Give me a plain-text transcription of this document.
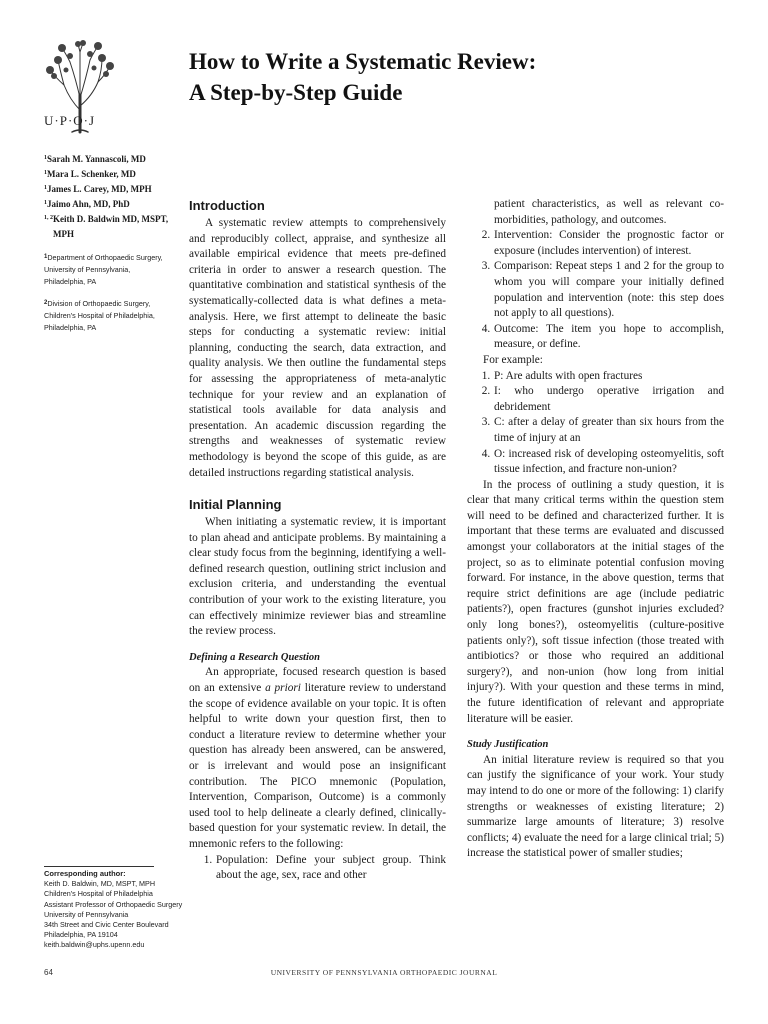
U·P·O·J
How to Write a Systematic Review:
A Step-by-Step Guide
$^1$Sarah M. Yannascoli, MD
$^1$Mara L. Schenker, MD
$^1$James L. Carey, MD, MPH
$^1$Jaimo Ahn, MD, PhD
$^{1, 2}$Keith D. Baldwin MD, MSPT,
MPH
$^1$Department of Orthopaedic Surgery,
University of Pennsylvania,
Philadelphia, PA
$^2$Division of Orthopaedic Surgery,
Children's Hospital of Philadelphia,
Philadelphia, PA
Corresponding author:
Keith D. Baldwin, MD, MSPT, MPH
Children's Hospital of Philadelphia
Assistant Professor of Orthopaedic Surgery
University of Pennsylvania
34th Street and Civic Center Boulevard
Philadelphia, PA 19104
keith.baldwin@uphs.upenn.edu
Introduction

A systematic review attempts to comprehensively and reproducibly collect, appraise, and synthesize all available empirical evidence that meets pre-defined criteria in order to answer a research question. The quantitative combination and statistical synthesis of the systematically-collected data is what defines a meta-analysis. Here, we first attempt to delineate the basic steps for conducting a systematic review: initial planning, conducting the search, data extraction, and quality analysis. We then outline the fundamental steps for assessing the appropriateness of meta-analytic technique for your review and an explanation of statistical tools available for data analysis and presentation. An academic discussion regarding the strengths and weaknesses of systematic review methodology is beyond the scope of this guide, as are detailed instructions regarding statistical analysis.

Initial Planning

When initiating a systematic review, it is important to plan ahead and anticipate problems. By maintaining a clear study focus from the beginning, identifying a well-defined research question, outlining strict inclusion and exclusion criteria, and understanding the eventual contribution of your work to the existing literature, you can effectively minimize reviewer bias and streamline the review process.

Defining a Research Question

An appropriate, focused research question is based on an extensive a priori literature review to understand the scope of evidence available on your topic. It is often helpful to write down your question first, then to conduct a literature review to determine whether your question has already been answered, can be answered, or is irrelevant and would pose an insignificant contribution. The PICO mnemonic (Population, Intervention, Comparison, Outcome) is a commonly used tool to help delineate a clearly defined, clinically-based question for your systematic review. In detail, the mnemonic refers to the following:

1. Population: Define your subject group. Think about the age, sex, race and other
patient characteristics, as well as relevant co-morbidities, pathology, and outcomes.
2. Intervention: Consider the prognostic factor or exposure (includes intervention) of interest.
3. Comparison: Repeat steps 1 and 2 for the group to whom you will compare your initially defined population and intervention (note: this step does not apply to all questions).
4. Outcome: The item you hope to accomplish, measure, or define.

For example:

1. P: Are adults with open fractures
2. I: who undergo operative irrigation and debridement
3. C: after a delay of greater than six hours from the time of injury at an
4. O: increased risk of developing osteomyelitis, soft tissue infection, and fracture non-union?

In the process of outlining a study question, it is clear that many critical terms within the question stem will need to be defined and characterized further. It is important that these terms are evaluated and discussed amongst your collaborators at the initial stages of the project, so as to eliminate potential confusion moving forward. For instance, in the above question, terms that require strict definitions are age (include pediatric patients?), open fractures (gunshot injuries excluded? only long bones?), osteomyelitis (culture-positive patients only?), soft tissue infection (those treated with antibiotics? or those who required an additional surgery?), and non-union (how long from initial injury?). With your question and these terms in mind, the future identification of relevant and appropriate literature will be easier.

Study Justification

An initial literature review is required so that you can justify the significance of your work. Your study may intend to do one or more of the following: 1) clarify strengths or weaknesses of existing literature; 2) summarize large amounts of literature; 3) resolve conflicts; 4) evaluate the need for a large clinical trial; 5) increase the statistical power of smaller studies;

64	UNIVERSITY OF PENNSYLVANIA ORTHOPAEDIC JOURNAL
